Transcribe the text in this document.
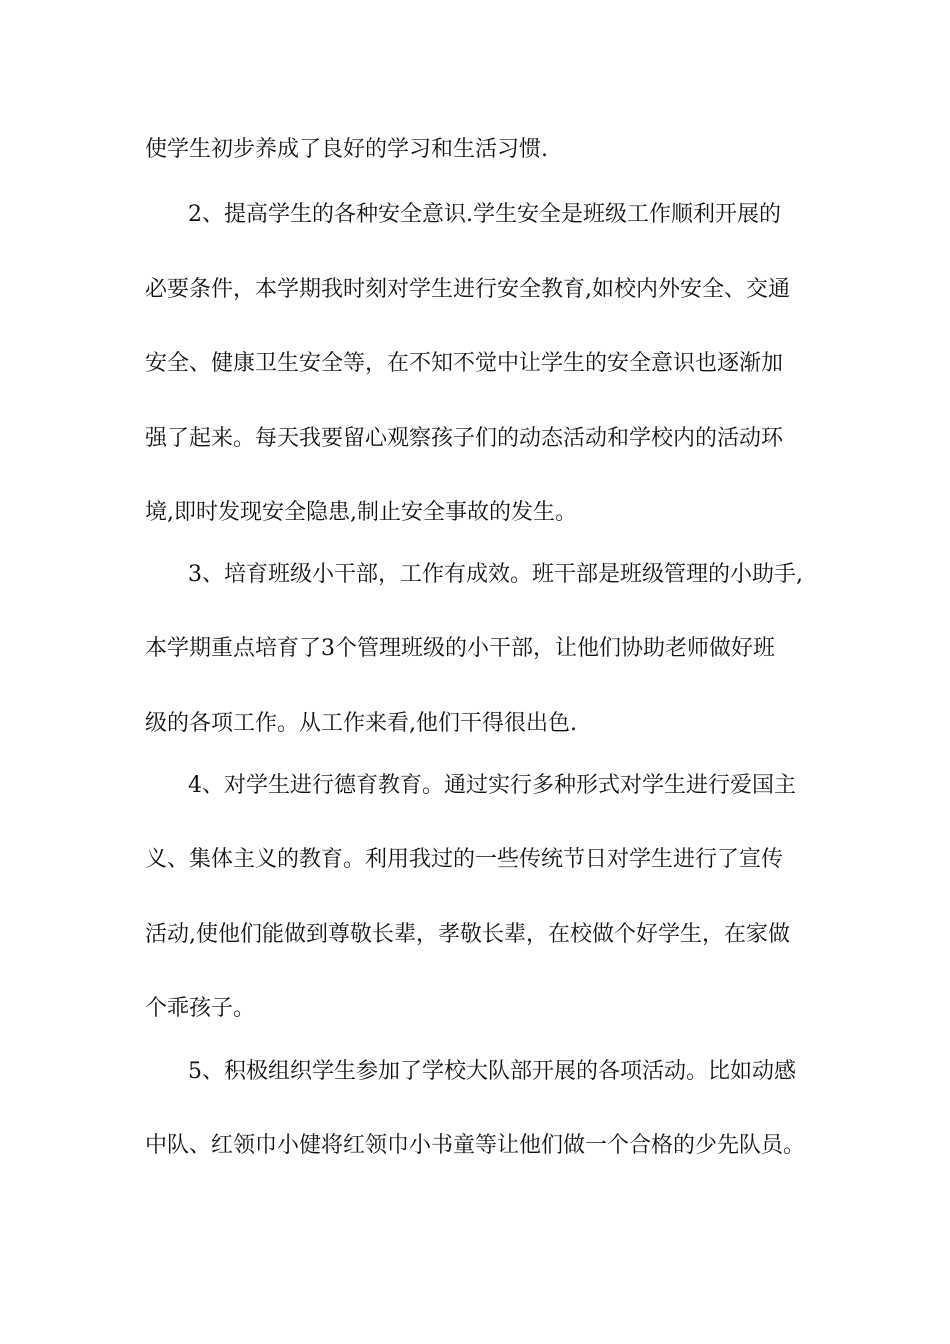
使学生初步养成了良好的学习和生活习惯.
2、提高学生的各种安全意识.学生安全是班级工作顺利开展的
必要条件，本学期我时刻对学生进行安全教育,如校内外安全、交通
安全、健康卫生安全等，在不知不觉中让学生的安全意识也逐渐加
强了起来。每天我要留心观察孩子们的动态活动和学校内的活动环
境,即时发现安全隐患,制止安全事故的发生。
3、培育班级小干部，工作有成效。班干部是班级管理的小助手,
本学期重点培育了3个管理班级的小干部，让他们协助老师做好班
级的各项工作。从工作来看,他们干得很出色.
4、对学生进行德育教育。通过实行多种形式对学生进行爱国主
义、集体主义的教育。利用我过的一些传统节日对学生进行了宣传
活动,使他们能做到尊敬长辈，孝敬长辈，在校做个好学生，在家做
个乖孩子。
5、积极组织学生参加了学校大队部开展的各项活动。比如动感
中队、红领巾小健将红领巾小书童等让他们做一个合格的少先队员。
